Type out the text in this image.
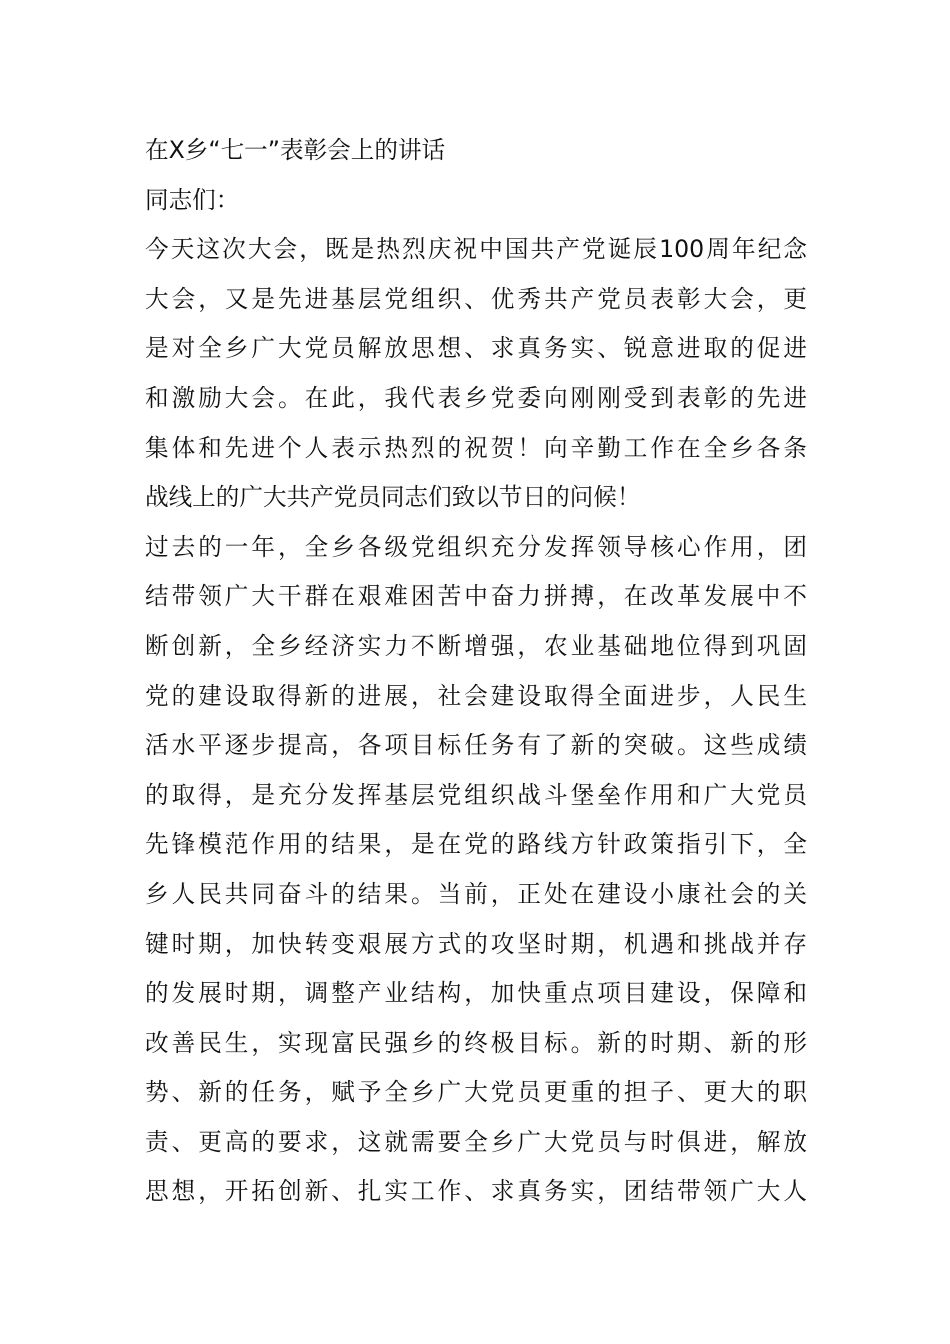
在X乡“七一”表彰会上的讲话

同志们：

今天这次大会，既是热烈庆祝中国共产党诞辰100周年纪念
大会，又是先进基层党组织、优秀共产党员表彰大会，更
是对全乡广大党员解放思想、求真务实、锐意进取的促进
和激励大会。在此，我代表乡党委向刚刚受到表彰的先进
集体和先进个人表示热烈的祝贺！向辛勤工作在全乡各条
战线上的广大共产党员同志们致以节日的问候！

过去的一年，全乡各级党组织充分发挥领导核心作用，团
结带领广大干群在艰难困苦中奋力拼搏，在改革发展中不
断创新，全乡经济实力不断增强，农业基础地位得到巩固
党的建设取得新的进展，社会建设取得全面进步，人民生
活水平逐步提高，各项目标任务有了新的突破。这些成绩
的取得，是充分发挥基层党组织战斗堡垒作用和广大党员
先锋模范作用的结果，是在党的路线方针政策指引下，全
乡人民共同奋斗的结果。当前，正处在建设小康社会的关
键时期，加快转变艰展方式的攻坚时期，机遇和挑战并存
的发展时期，调整产业结构，加快重点项目建设，保障和
改善民生，实现富民强乡的终极目标。新的时期、新的形
势、新的任务，赋予全乡广大党员更重的担子、更大的职
责、更高的要求，这就需要全乡广大党员与时俱进，解放
思想，开拓创新、扎实工作、求真务实，团结带领广大人
